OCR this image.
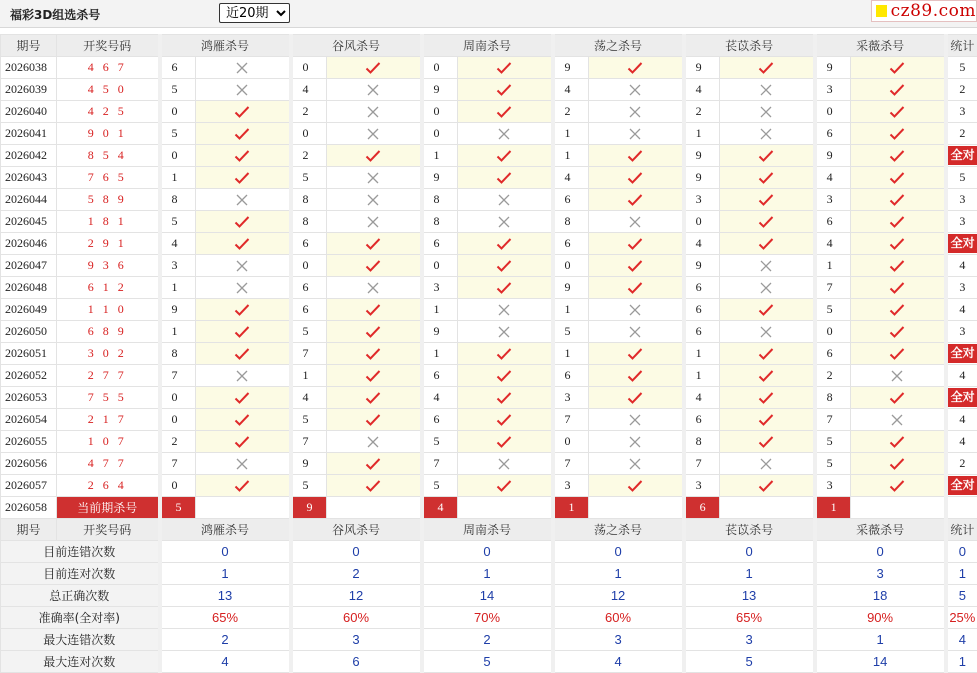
福彩3D组选杀号
近20期	cz89.com
期号	开奖号码	鸿雁杀号		谷风杀号		周南杀号		荡之杀号		苌苡杀号		采薇杀号		统计
2026038	4 6 7	6		0		0		9		9		9		5
2026039	4 5 0	5		4		9		4		4		3		2
2026040	4 2 5	0		2		0		2		2		0		3
2026041	9 0 1	5		0		0		1		1		6		2
2026042	8 5 4	0		2		1		1		9		9		全对
2026043	7 6 5	1		5		9		4		9		4		5
2026044	5 8 9	8		8		8		6		3		3		3
2026045	1 8 1	5		8		8		8		0		6		3
2026046	2 9 1	4		6		6		6		4		4		全对
2026047	9 3 6	3		0		0		0		9		1		4
2026048	6 1 2	1		6		3		9		6		7		3
2026049	1 1 0	9		6		1		1		6		5		4
2026050	6 8 9	1		5		9		5		6		0		3
2026051	3 0 2	8		7		1		1		1		6		全对
2026052	2 7 7	7		1		6		6		1		2		4
2026053	7 5 5	0		4		4		3		4		8		全对
2026054	2 1 7	0		5		6		7		6		7		4
2026055	1 0 7	2		7		5		0		8		5		4
2026056	4 7 7	7		9		7		7		7		5		2
2026057	2 6 4	0		5		5		3		3		3		全对
2026058	当前期杀号	5		9		4		1		6		1		
期号	开奖号码	鸿雁杀号		谷风杀号		周南杀号		荡之杀号		苌苡杀号		采薇杀号		统计
目前连错次数		0		0		0		0		0		0		0
目前连对次数		1		2		1		1		1		3		1
总正确次数		13		12		14		12		13		18		5
准确率(全对率)		65%		60%		70%		60%		65%		90%		25%
最大连错次数		2		3		2		3		3		1		4
最大连对次数		4		6		5		4		5		14		1
